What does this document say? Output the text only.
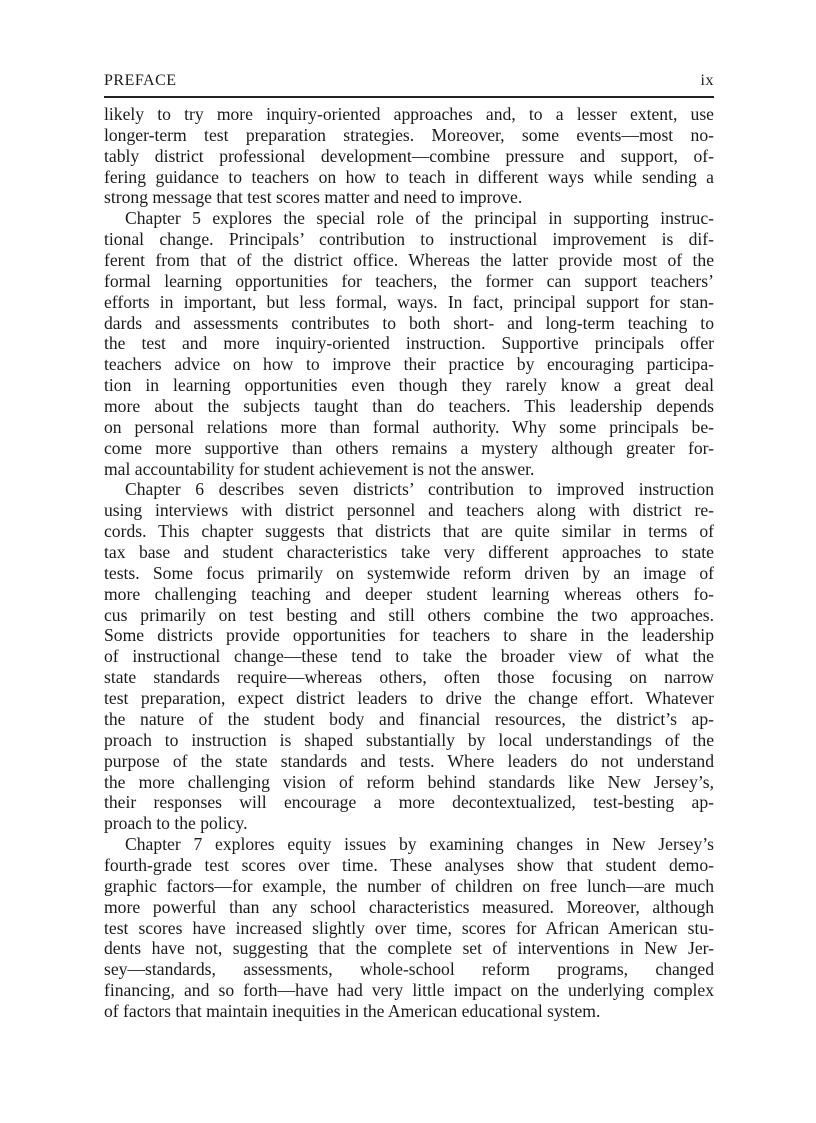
PREFACE	ix
likely to try more inquiry-oriented approaches and, to a lesser extent, use
longer-term test preparation strategies. Moreover, some events—most no-
tably district professional development—combine pressure and support, of-
fering guidance to teachers on how to teach in different ways while sending a
strong message that test scores matter and need to improve.
Chapter 5 explores the special role of the principal in supporting instruc-
tional change. Principals’ contribution to instructional improvement is dif-
ferent from that of the district office. Whereas the latter provide most of the
formal learning opportunities for teachers, the former can support teachers’
efforts in important, but less formal, ways. In fact, principal support for stan-
dards and assessments contributes to both short- and long-term teaching to
the test and more inquiry-oriented instruction. Supportive principals offer
teachers advice on how to improve their practice by encouraging participa-
tion in learning opportunities even though they rarely know a great deal
more about the subjects taught than do teachers. This leadership depends
on personal relations more than formal authority. Why some principals be-
come more supportive than others remains a mystery although greater for-
mal accountability for student achievement is not the answer.
Chapter 6 describes seven districts’ contribution to improved instruction
using interviews with district personnel and teachers along with district re-
cords. This chapter suggests that districts that are quite similar in terms of
tax base and student characteristics take very different approaches to state
tests. Some focus primarily on systemwide reform driven by an image of
more challenging teaching and deeper student learning whereas others fo-
cus primarily on test besting and still others combine the two approaches.
Some districts provide opportunities for teachers to share in the leadership
of instructional change—these tend to take the broader view of what the
state standards require—whereas others, often those focusing on narrow
test preparation, expect district leaders to drive the change effort. Whatever
the nature of the student body and financial resources, the district’s ap-
proach to instruction is shaped substantially by local understandings of the
purpose of the state standards and tests. Where leaders do not understand
the more challenging vision of reform behind standards like New Jersey’s,
their responses will encourage a more decontextualized, test-besting ap-
proach to the policy.
Chapter 7 explores equity issues by examining changes in New Jersey’s
fourth-grade test scores over time. These analyses show that student demo-
graphic factors—for example, the number of children on free lunch—are much
more powerful than any school characteristics measured. Moreover, although
test scores have increased slightly over time, scores for African American stu-
dents have not, suggesting that the complete set of interventions in New Jer-
sey—standards, assessments, whole-school reform programs, changed
financing, and so forth—have had very little impact on the underlying complex
of factors that maintain inequities in the American educational system.
